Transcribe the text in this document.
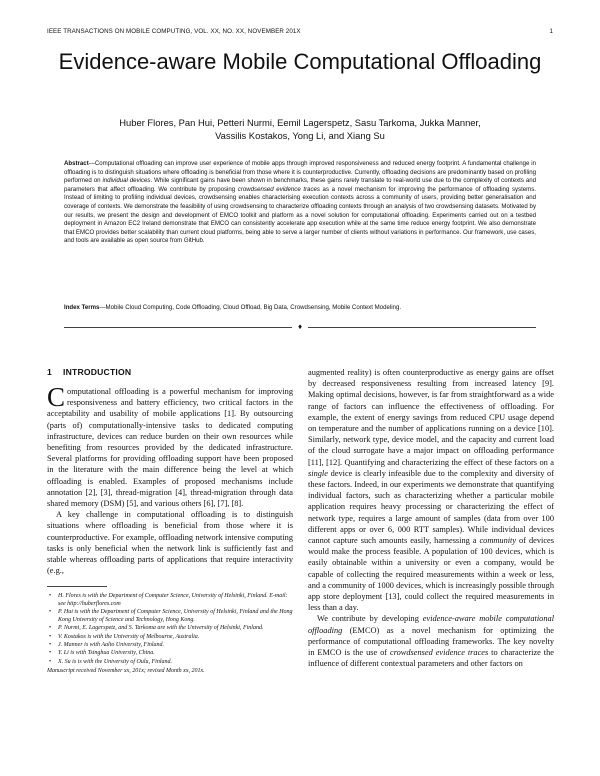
IEEE TRANSACTIONS ON MOBILE COMPUTING, VOL. XX, NO. XX, NOVEMBER 201X	1
Evidence-aware Mobile Computational Offloading
Huber Flores, Pan Hui, Petteri Nurmi, Eemil Lagerspetz, Sasu Tarkoma, Jukka Manner,
Vassilis Kostakos, Yong Li, and Xiang Su
Abstract—Computational offloading can improve user experience of mobile apps through improved responsiveness and reduced energy footprint. A fundamental challenge in offloading is to distinguish situations where offloading is beneficial from those where it is counterproductive. Currently, offloading decisions are predominantly based on profiling performed on individual devices. While significant gains have been shown in benchmarks, these gains rarely translate to real-world use due to the complexity of contexts and parameters that affect offloading. We contribute by proposing crowdsensed evidence traces as a novel mechanism for improving the performance of offloading systems. Instead of limiting to profiling individual devices, crowdsensing enables characterising execution contexts across a community of users, providing better generalisation and coverage of contexts. We demonstrate the feasibility of using crowdsensing to characterize offloading contexts through an analysis of two crowdsensing datasets. Motivated by our results, we present the design and development of EMCO toolkit and platform as a novel solution for computational offloading. Experiments carried out on a testbed deployment in Amazon EC2 Ireland demonstrate that EMCO can consistently accelerate app execution while at the same time reduce energy footprint. We also demonstrate that EMCO provides better scalability than current cloud platforms, being able to serve a larger number of clients without variations in performance. Our framework, use cases, and tools are available as open source from GitHub.
Index Terms—Mobile Cloud Computing, Code Offloading, Cloud Offload, Big Data, Crowdsensing, Mobile Context Modeling.
♦
1 INTRODUCTION

Computational offloading is a powerful mechanism for improving responsiveness and battery efficiency, two critical factors in the acceptability and usability of mobile applications [1]. By outsourcing (parts of) computationally-intensive tasks to dedicated computing infrastructure, devices can reduce burden on their own resources while benefiting from resources provided by the dedicated infrastructure. Several platforms for providing offloading support have been proposed in the literature with the main difference being the level at which offloading is enabled. Examples of proposed mechanisms include annotation [2], [3], thread-migration [4], thread-migration through data shared memory (DSM) [5], and various others [6], [7], [8].

A key challenge in computational offloading is to distinguish situations where offloading is beneficial from those where it is counterproductive. For example, offloading network intensive computing tasks is only beneficial when the network link is sufficiently fast and stable whereas offloading parts of applications that require interactivity (e.g.,

• H. Flores is with the Department of Computer Science, University of Helsinki, Finland. E-mail: see http://huberflores.com
• P. Hui is with the Department of Computer Science, University of Helsinki, Finland and the Hong Kong University of Science and Technology, Hong Kong.
• P. Nurmi, E. Lagerspetz, and S. Tarkoma are with the University of Helsinki, Finland.
• V. Kostakos is with the University of Melbourne, Australia.
• J. Manner is with Aalto University, Finland.
• Y. Li is with Tsinghua University, China.
• X. Su is is with the University of Oulu, Finland.
Manuscript received November xx, 201x; revised Month xx, 201x.

augmented reality) is often counterproductive as energy gains are offset by decreased responsiveness resulting from increased latency [9]. Making optimal decisions, however, is far from straightforward as a wide range of factors can influence the effectiveness of offloading. For example, the extent of energy savings from reduced CPU usage depend on temperature and the number of applications running on a device [10]. Similarly, network type, device model, and the capacity and current load of the cloud surrogate have a major impact on offloading performance [11], [12]. Quantifying and characterizing the effect of these factors on a single device is clearly infeasible due to the complexity and diversity of these factors. Indeed, in our experiments we demonstrate that quantifying individual factors, such as characterizing whether a particular mobile application requires heavy processing or characterizing the effect of network type, requires a large amount of samples (data from over 100 different apps or over 6, 000 RTT samples). While individual devices cannot capture such amounts easily, harnessing a community of devices would make the process feasible. A population of 100 devices, which is easily obtainable within a university or even a company, would be capable of collecting the required measurements within a week or less, and a community of 1000 devices, which is increasingly possible through app store deployment [13], could collect the required measurements in less than a day.

We contribute by developing evidence-aware mobile computational offloading (EMCO) as a novel mechanism for optimizing the performance of computational offloading frameworks. The key novelty in EMCO is the use of crowdsensed evidence traces to characterize the influence of different contextual parameters and other factors on
